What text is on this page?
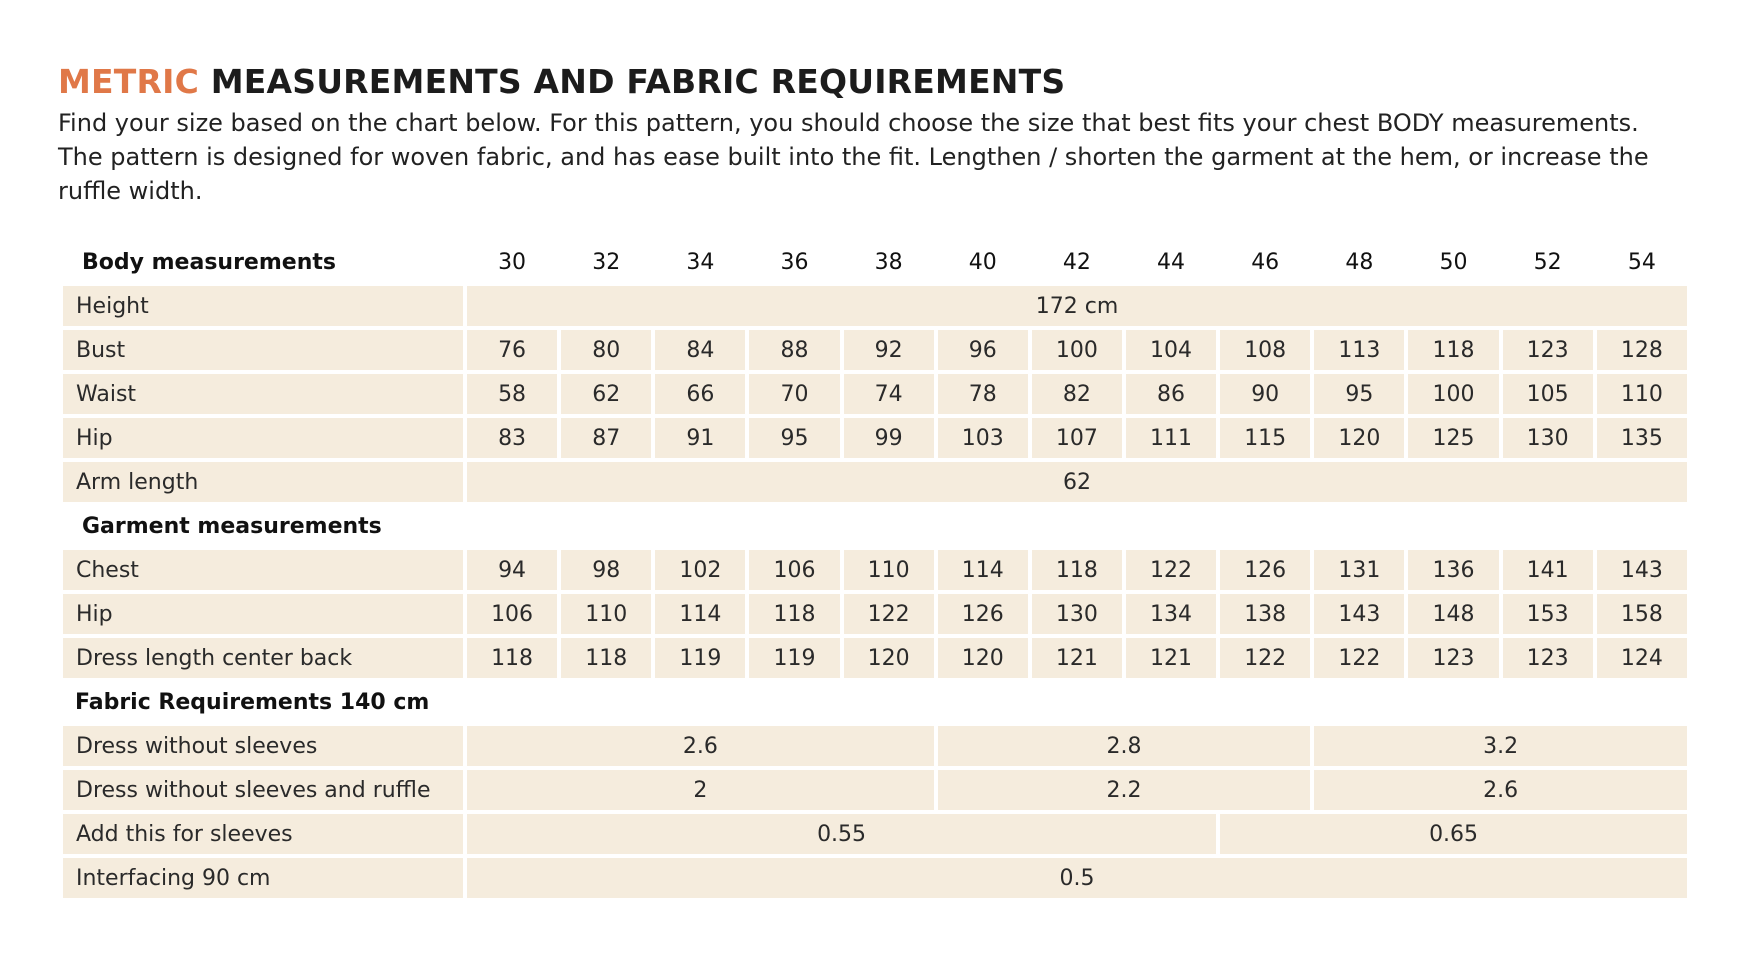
METRIC MEASUREMENTS AND FABRIC REQUIREMENTS

Find your size based on the chart below. For this pattern, you should choose the size that best fits your chest BODY measurements.

The pattern is designed for woven fabric, and has ease built into the fit. Lengthen / shorten the garment at the hem, or increase the

ruffle width.

Body measurements	30	32	34	36	38	40	42	44	46	48	50	52	54
Height	172 cm												
Bust	76	80	84	88	92	96	100	104	108	113	118	123	128
Waist	58	62	66	70	74	78	82	86	90	95	100	105	110
Hip	83	87	91	95	99	103	107	111	115	120	125	130	135
Arm length	62												
Garment measurements													
Chest	94	98	102	106	110	114	118	122	126	131	136	141	143
Hip	106	110	114	118	122	126	130	134	138	143	148	153	158
Dress length center back	118	118	119	119	120	120	121	121	122	122	123	123	124
Fabric Requirements 140 cm													
Dress without sleeves	2.6					2.8				3.2			
Dress without sleeves and ruffle	2					2.2				2.6			
Add this for sleeves	0.55								0.65				
Interfacing 90 cm	0.5												
